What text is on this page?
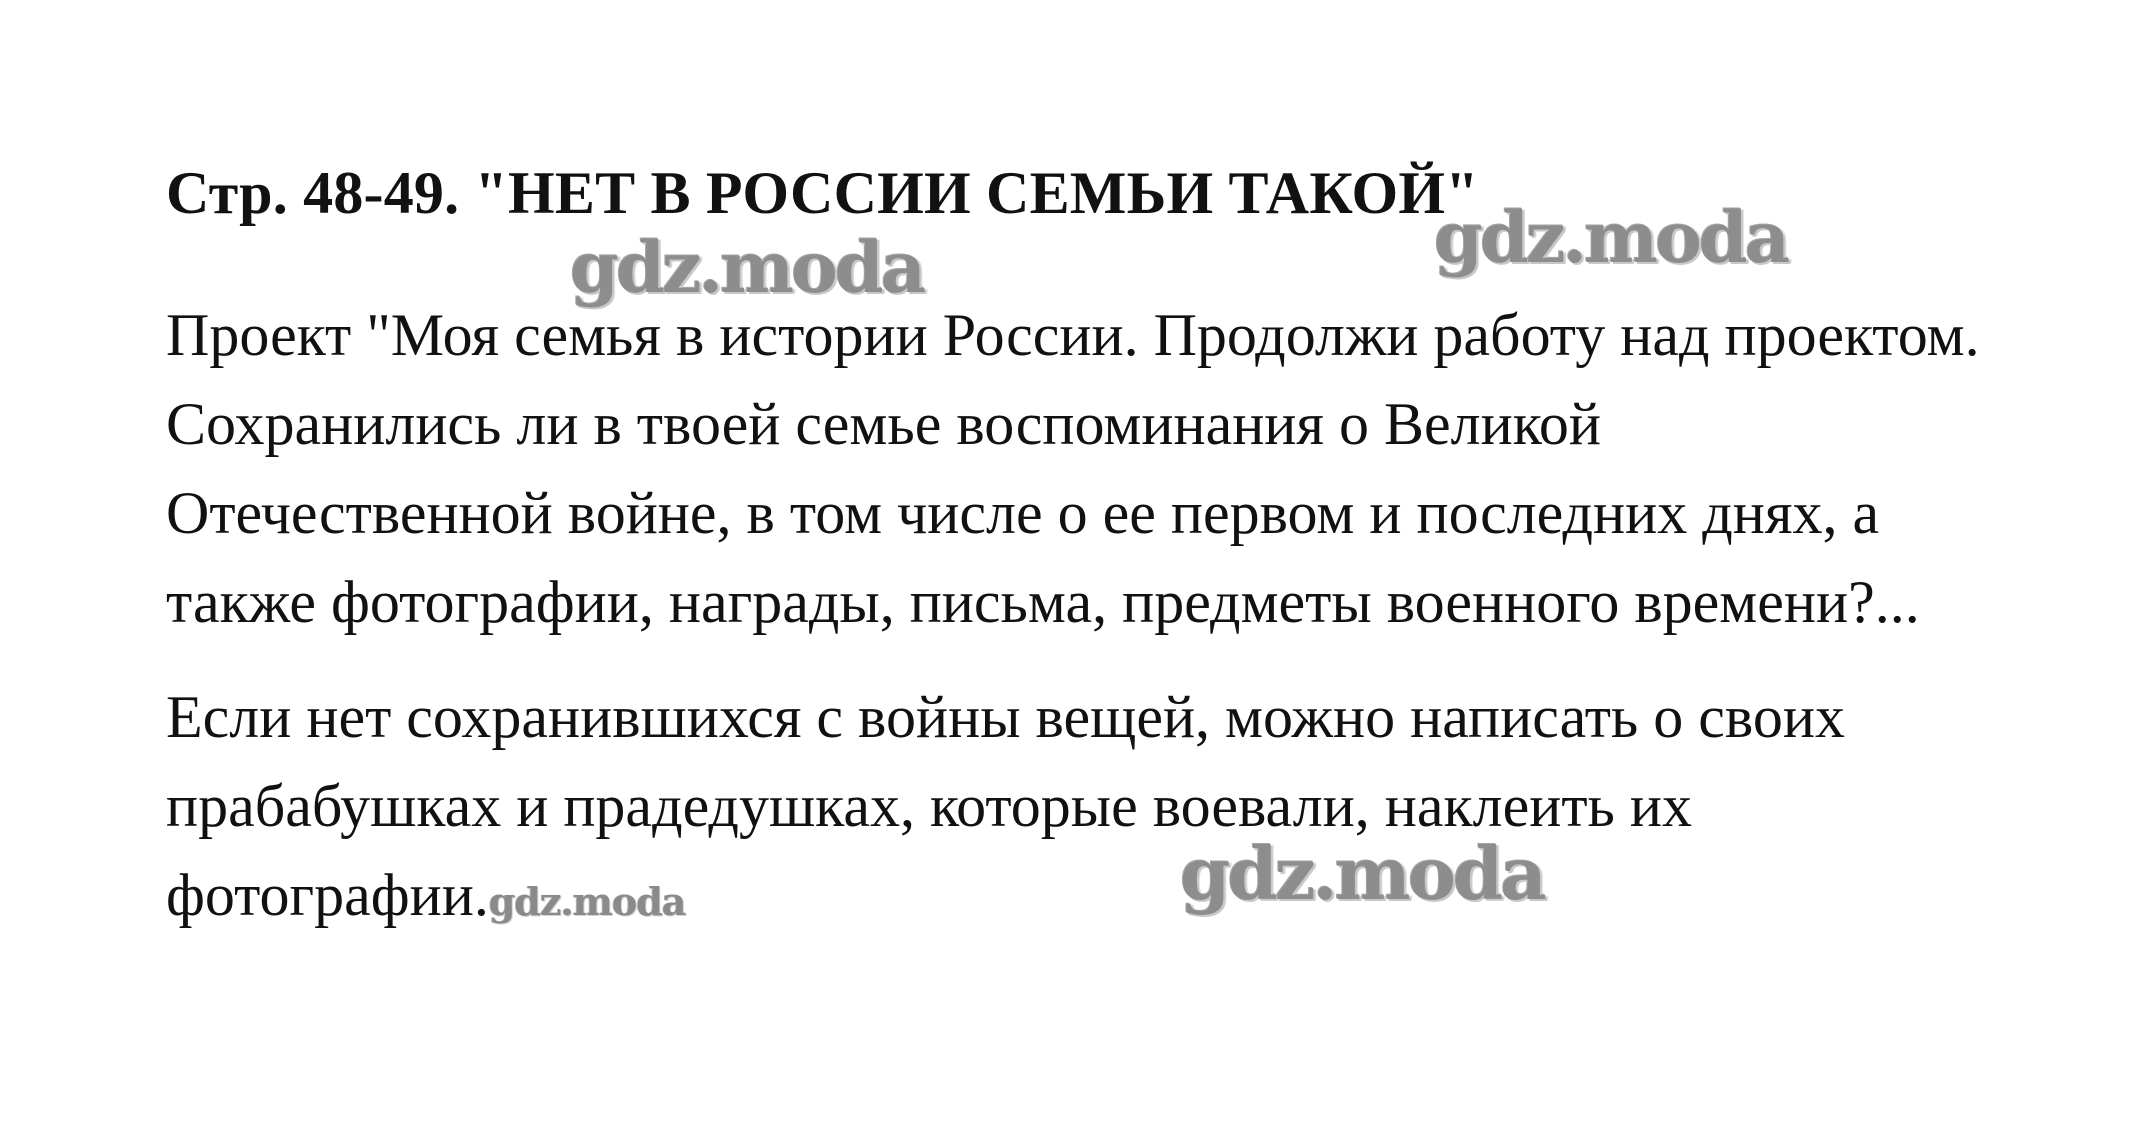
Стр. 48-49. "НЕТ В РОССИИ СЕМЬИ ТАКОЙ"
gdz.moda	gdz.moda

Проект "Моя семья в истории России. Продолжи работу над проектом.
Сохранились ли в твоей семье воспоминания о Великой
Отечественной войне, в том числе о ее первом и последних днях, а
также фотографии, награды, письма, предметы военного времени?...

Если нет сохранившихся с войны вещей, можно написать о своих
прабабушках и прадедушках, которые воевали, наклеить их
фотографии.gdz.moda	gdz.moda
